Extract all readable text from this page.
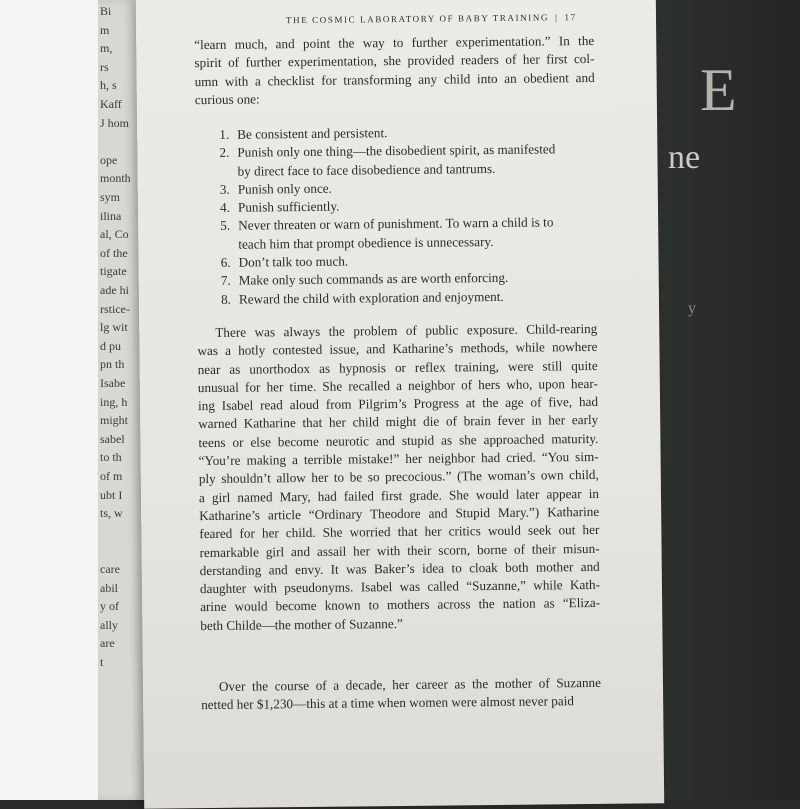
E
ne
y
Bi
m
m,
rs
h, s
Kaff
J hom
ope
month
sym
ilina
al, Co
of the
tigate
ade hi
rstice-
lg wit
d pu
pn th
Isabe
ing, h
might
sabel
to th
of m
ubt I
ts, w
care
abil
y of
ally
are
t
THE COSMIC LABORATORY OF BABY TRAINING | 17
“learn much, and point the way to further experimentation.” In the
spirit of further experimentation, she provided readers of her first col-
umn with a checklist for transforming any child into an obedient and
curious one:
1. Be consistent and persistent.
2. Punish only one thing—the disobedient spirit, as manifested
by direct face to face disobedience and tantrums.
3. Punish only once.
4. Punish sufficiently.
5. Never threaten or warn of punishment. To warn a child is to
teach him that prompt obedience is unnecessary.
6. Don’t talk too much.
7. Make only such commands as are worth enforcing.
8. Reward the child with exploration and enjoyment.
There was always the problem of public exposure. Child-rearing
was a hotly contested issue, and Katharine’s methods, while nowhere
near as unorthodox as hypnosis or reflex training, were still quite
unusual for her time. She recalled a neighbor of hers who, upon hear-
ing Isabel read aloud from Pilgrim’s Progress at the age of five, had
warned Katharine that her child might die of brain fever in her early
teens or else become neurotic and stupid as she approached maturity.
“You’re making a terrible mistake!” her neighbor had cried. “You sim-
ply shouldn’t allow her to be so precocious.” (The woman’s own child,
a girl named Mary, had failed first grade. She would later appear in
Katharine’s article “Ordinary Theodore and Stupid Mary.”) Katharine
feared for her child. She worried that her critics would seek out her
remarkable girl and assail her with their scorn, borne of their misun-
derstanding and envy. It was Baker’s idea to cloak both mother and
daughter with pseudonyms. Isabel was called “Suzanne,” while Kath-
arine would become known to mothers across the nation as “Eliza-
beth Childe—the mother of Suzanne.”
Over the course of a decade, her career as the mother of Suzanne
netted her $1,230—this at a time when women were almost never paid
